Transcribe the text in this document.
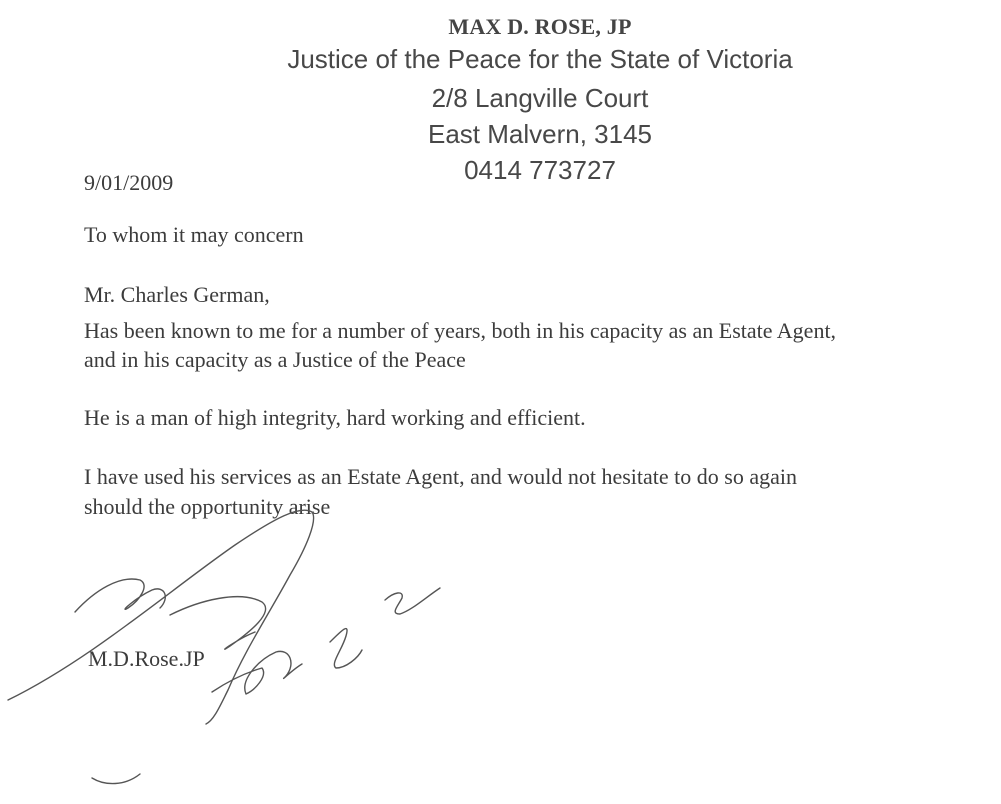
MAX D. ROSE, JP
Justice of the Peace for the State of Victoria
2/8 Langville Court
East Malvern, 3145
0414 773727
9/01/2009
To whom it may concern
Mr. Charles German,
Has been known to me for a number of years, both in his capacity as an Estate Agent,
and in his capacity as a Justice of the Peace
He is a man of high integrity, hard working and efficient.
I have used his services as an Estate Agent, and would not hesitate to do so again
should the opportunity arise
M.D.Rose.JP
